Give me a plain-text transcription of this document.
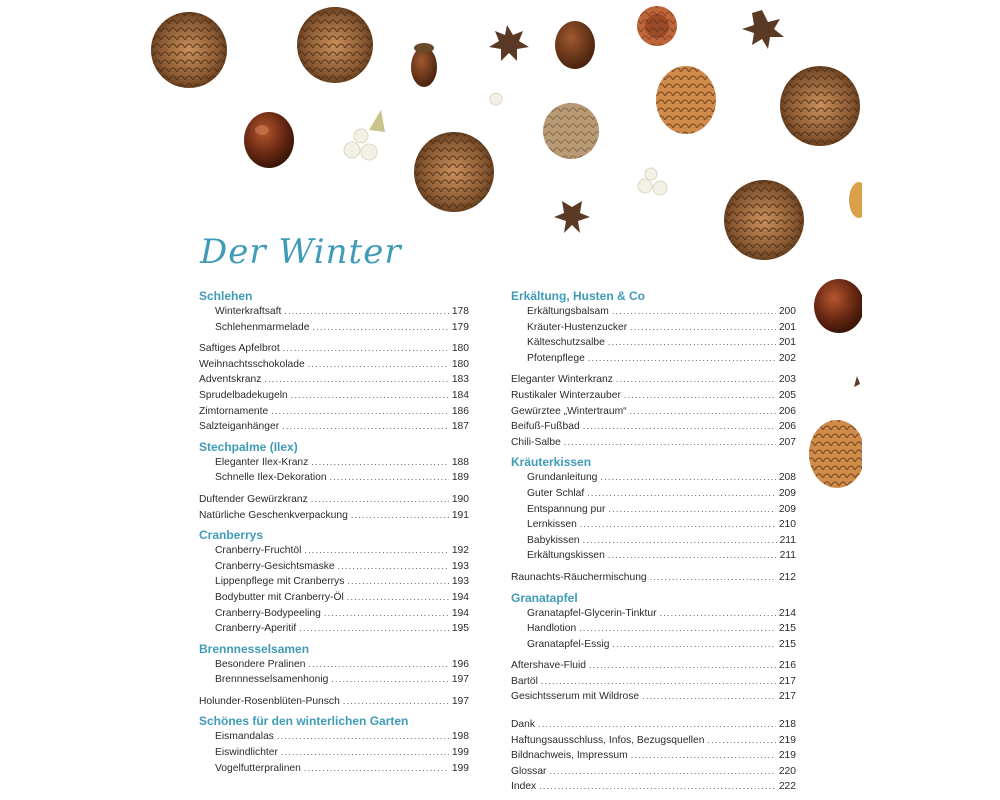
Der Winter
Schlehen
Winterkraftsaft .....	178
Schlehenmarmelade .....	179
Saftiges Apfelbrot .....	180
Weihnachtsschokolade .....	180
Adventskranz .....	183
Sprudelbadekugeln .....	184
Zimtornamente .....	186
Salzteiganhänger .....	187
Stechpalme (Ilex)
Eleganter Ilex-Kranz .....	188
Schnelle Ilex-Dekoration .....	189
Duftender Gewürzkranz .....	190
Natürliche Geschenkverpackung .....	191
Cranberrys
Cranberry-Fruchtöl .....	192
Cranberry-Gesichtsmaske .....	193
Lippenpflege mit Cranberrys .....	193
Bodybutter mit Cranberry-Öl .....	194
Cranberry-Bodypeeling .....	194
Cranberry-Aperitif .....	195
Brennnesselsamen
Besondere Pralinen .....	196
Brennnesselsamenhonig .....	197
Holunder-Rosenblüten-Punsch .....	197
Schönes für den winterlichen Garten
Eismandalas .....	198
Eiswindlichter .....	199
Vogelfutterpralinen .....	199
Erkältung, Husten & Co
Erkältungsbalsam .....	200
Kräuter-Hustenzucker .....	201
Kälteschutzsalbe .....	201
Pfotenpflege .....	202
Eleganter Winterkranz .....	203
Rustikaler Winterzauber .....	205
Gewürztee „Wintertraum“ .....	206
Beifuß-Fußbad .....	206
Chili-Salbe .....	207
Kräuterkissen
Grundanleitung .....	208
Guter Schlaf .....	209
Entspannung pur .....	209
Lernkissen .....	210
Babykissen .....	211
Erkältungskissen .....	211
Raunachts-Räuchermischung .....	212
Granatapfel
Granatapfel-Glycerin-Tinktur .....	214
Handlotion .....	215
Granatapfel-Essig .....	215
Aftershave-Fluid .....	216
Bartöl .....	217
Gesichtsserum mit Wildrose .....	217
Dank .....	218
Haftungsausschluss, Infos, Bezugsquellen .....	219
Bildnachweis, Impressum .....	219
Glossar .....	220
Index .....	222
